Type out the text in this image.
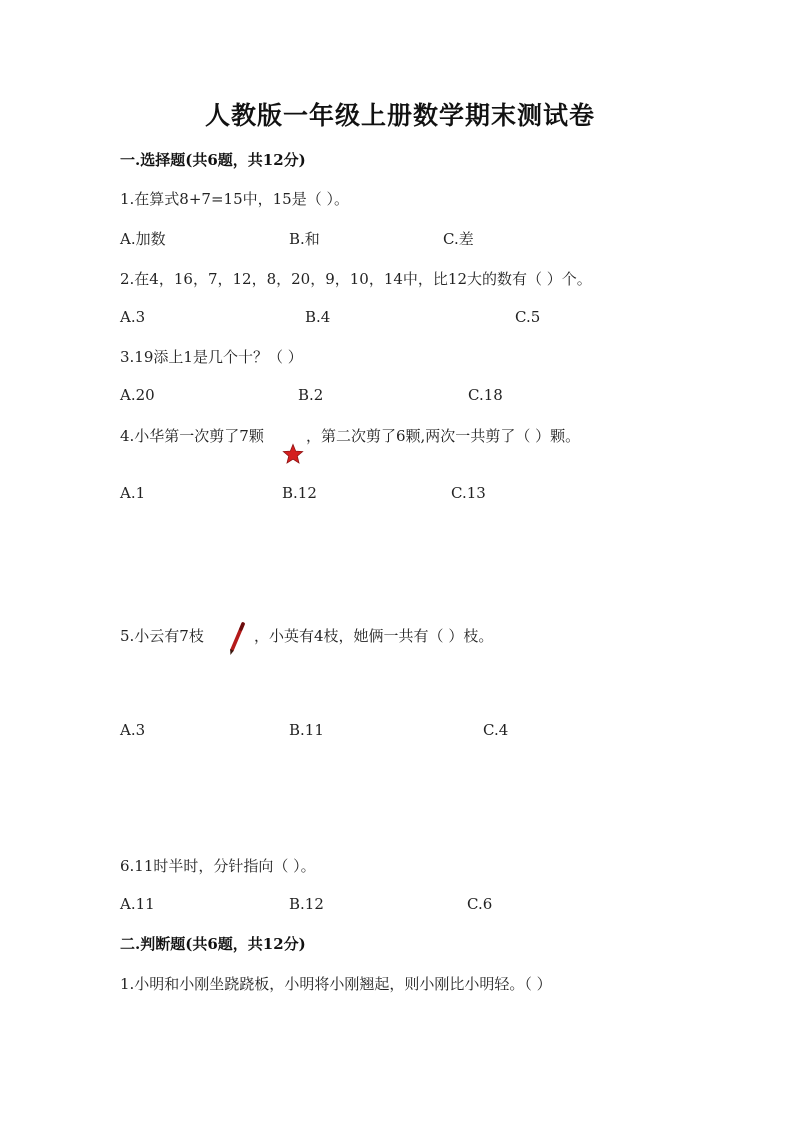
人教版一年级上册数学期末测试卷
一.选择题(共6题，共12分)
1.在算式8+7=15中，15是（ ）。
A.加数	B.和	C.差
2.在4，16，7，12，8，20，9，10，14中，比12大的数有（ ）个。
A.3	B.4	C.5
3.19添上1是几个十？（ ）
A.20	B.2	C.18
4.小华第一次剪了7颗	，第二次剪了6颗,两次一共剪了（ ）颗。
A.1	B.12	C.13
5.小云有7枝	，小英有4枝，她俩一共有（ ）枝。
A.3	B.11	C.4
6.11时半时，分针指向（ ）。
A.11	B.12	C.6
二.判断题(共6题，共12分)
1.小明和小刚坐跷跷板，小明将小刚翘起，则小刚比小明轻。（ ）
